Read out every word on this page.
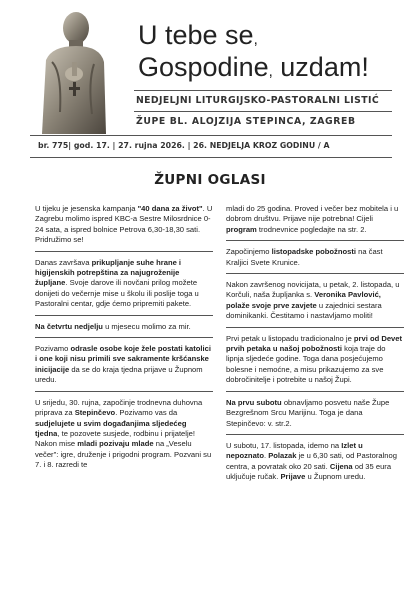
U tebe se,
Gospodine, uzdam!
NEDJELJNI LITURGIJSKO-PASTORALNI LISTIĆ
ŽUPE BL. ALOJZIJA STEPINCA, ZAGREB
br. 775| god. 17. | 27. rujna 2026. | 26. NEDJELJA KROZ GODINU / A
ŽUPNI OGLASI
U tijeku je jesenska kampanja "40 dana za život". U Zagrebu molimo ispred KBC-a Sestre Milosrdnice 0-24 sata, a ispred bolnice Petrova 6,30-18,30 sati. Pridružimo se!
Danas završava prikupljanje suhe hrane i higijenskih potrepština za najugroženije župljane. Svoje darove ili novčani prilog možete donijeti do večernje mise u školu ili poslije toga u Pastoralni centar, gdje ćemo pripremiti pakete.
Na četvrtu nedjelju u mjesecu molimo za mir.
Pozivamo odrasle osobe koje žele postati katolici i one koji nisu primili sve sakramente kršćanske inicijacije da se do kraja tjedna prijave u Župnom uredu.
U srijedu, 30. rujna, započinje trodnevna duhovna priprava za Stepinčevo. Pozivamo vas da sudjelujete u svim događanjima sljedećeg tjedna, te pozovete susjede, rodbinu i prijatelje! Nakon mise mladi pozivaju mlade na „Veselu večer": igre, druženje i prigodni program. Pozvani su 7. i 8. razredi te
mladi do 25 godina. Proved i večer bez mobitela i u dobrom društvu. Prijave nije potrebna! Cijeli program trodnevnice pogledajte na str. 2.
Započinjemo listopadske pobožnosti na čast Kraljici Svete Krunice.
Nakon završenog novicijata, u petak, 2. listopada, u Korčuli, naša župljanka s. Veronika Pavlović, polaže svoje prve zavjete u zajednici sestara dominikanki. Čestitamo i nastavljamo moliti!
Prvi petak u listopadu tradicionalno je prvi od Devet prvih petaka u našoj pobožnosti koja traje do lipnja sljedeće godine. Toga dana posjećujemo bolesne i nemoćne, a misu prikazujemo za sve dobročinitelje i potrebite u našoj Župi.
Na prvu subotu obnavljamo posvetu naše Župe Bezgrešnom Srcu Marijinu. Toga je dana Stepinčevo: v. str.2.
U subotu, 17. listopada, idemo na Izlet u nepoznato. Polazak je u 6,30 sati, od Pastoralnog centra, a povratak oko 20 sati. Cijena od 35 eura uključuje ručak. Prijave u Župnom uredu.
